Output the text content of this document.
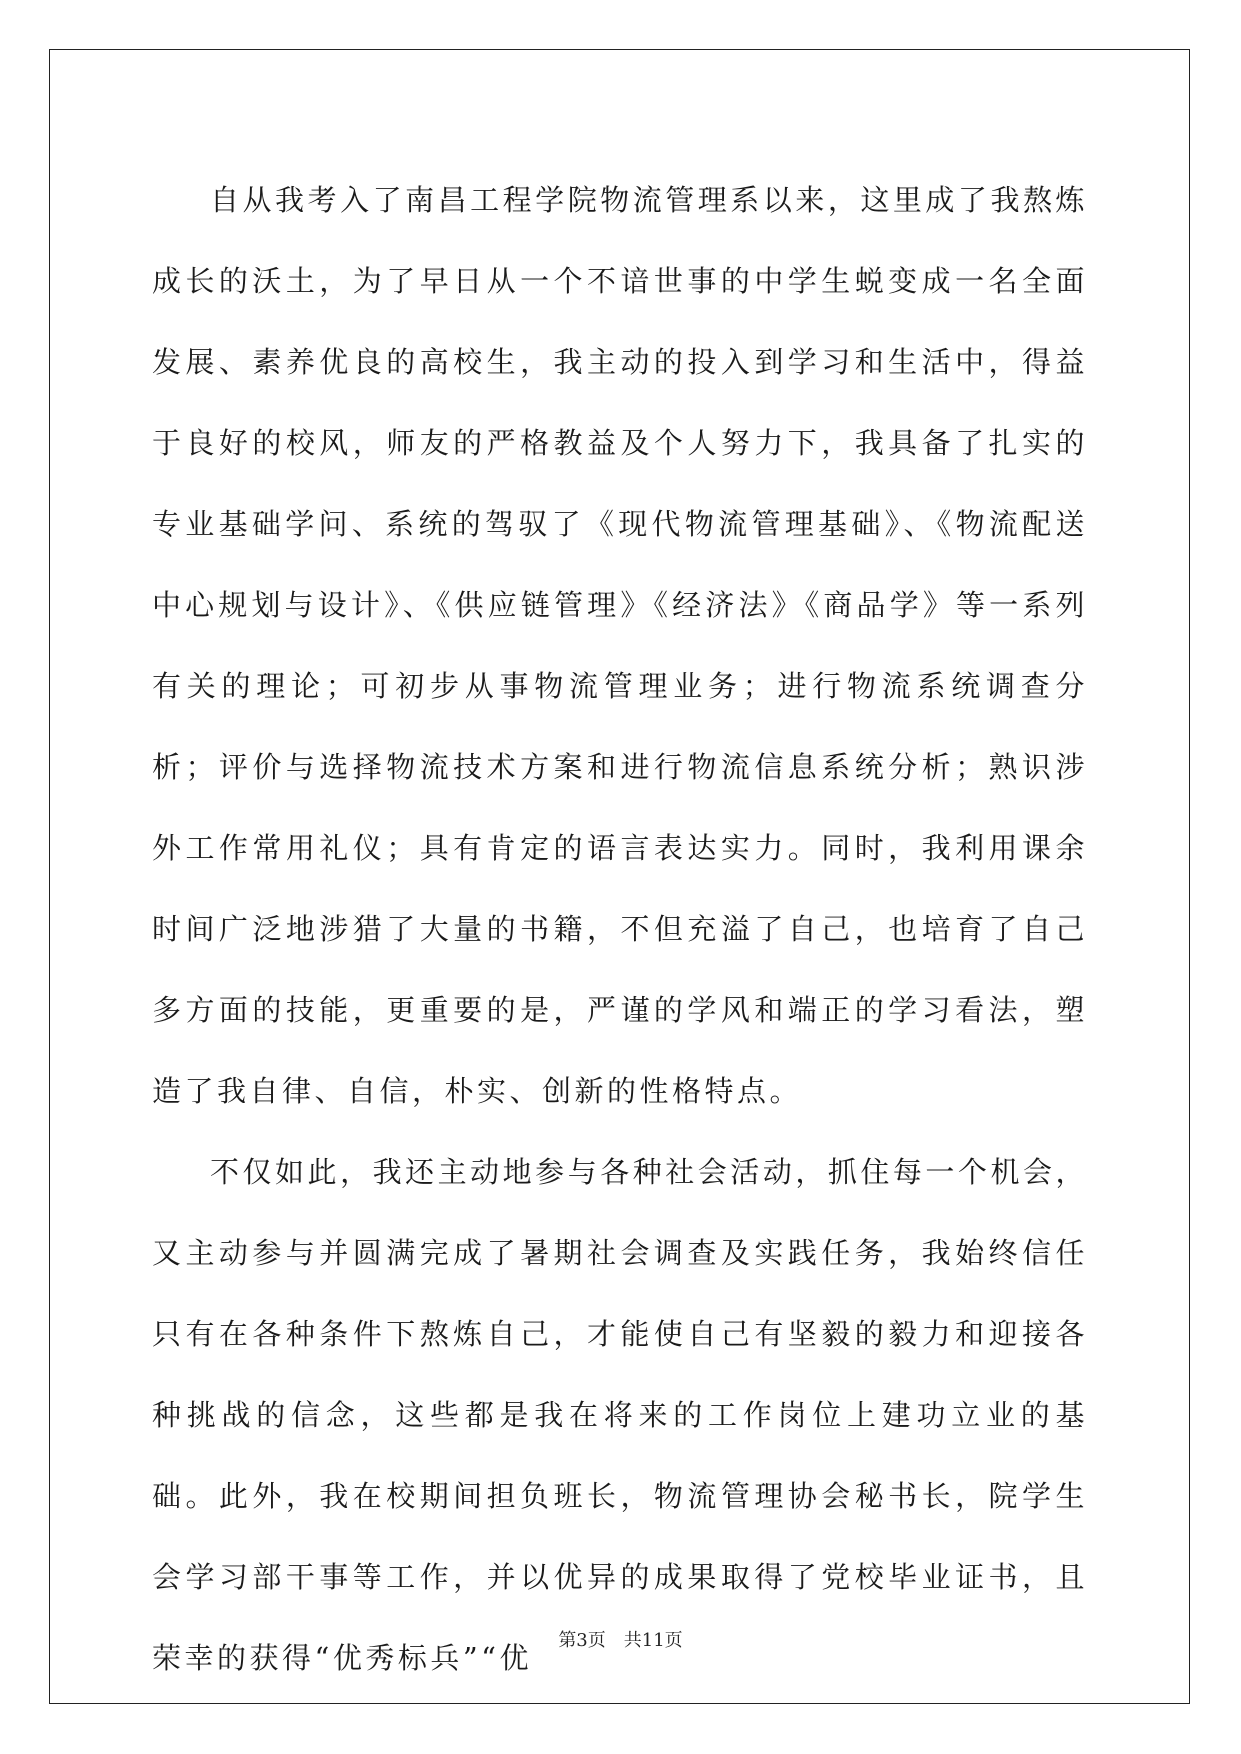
自从我考入了南昌工程学院物流管理系以来，这里成了我熬炼成长的沃土，为了早日从一个不谙世事的中学生蜕变成一名全面发展、素养优良的高校生，我主动的投入到学习和生活中，得益于良好的校风，师友的严格教益及个人努力下，我具备了扎实的专业基础学问、系统的驾驭了《现代物流管理基础》、《物流配送中心规划与设计》、《供应链管理》《经济法》《商品学》等一系列有关的理论；可初步从事物流管理业务；进行物流系统调查分析；评价与选择物流技术方案和进行物流信息系统分析；熟识涉外工作常用礼仪；具有肯定的语言表达实力。同时，我利用课余时间广泛地涉猎了大量的书籍，不但充溢了自己，也培育了自己多方面的技能，更重要的是，严谨的学风和端正的学习看法，塑造了我自律、自信，朴实、创新的性格特点。

不仅如此，我还主动地参与各种社会活动，抓住每一个机会，又主动参与并圆满完成了暑期社会调查及实践任务，我始终信任只有在各种条件下熬炼自己，才能使自己有坚毅的毅力和迎接各种挑战的信念，这些都是我在将来的工作岗位上建功立业的基础。此外，我在校期间担负班长，物流管理协会秘书长，院学生会学习部干事等工作，并以优异的成果取得了党校毕业证书，且荣幸的获得“优秀标兵”“优

第3页　共11页
